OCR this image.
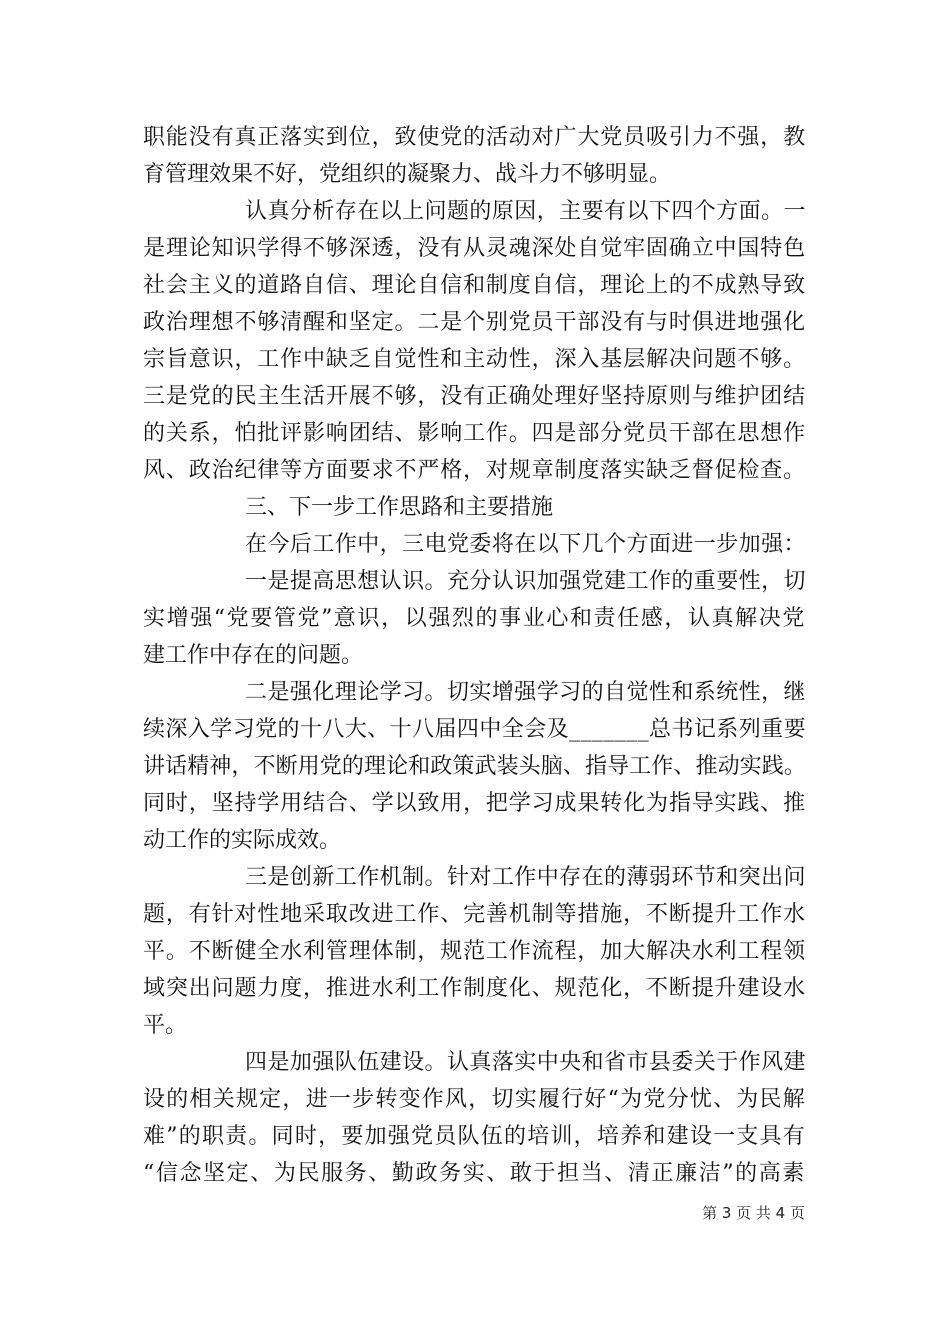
职能没有真正落实到位，致使党的活动对广大党员吸引力不强，教
育管理效果不好，党组织的凝聚力、战斗力不够明显。
认真分析存在以上问题的原因，主要有以下四个方面。一
是理论知识学得不够深透，没有从灵魂深处自觉牢固确立中国特色
社会主义的道路自信、理论自信和制度自信，理论上的不成熟导致
政治理想不够清醒和坚定。二是个别党员干部没有与时俱进地强化
宗旨意识，工作中缺乏自觉性和主动性，深入基层解决问题不够。
三是党的民主生活开展不够，没有正确处理好坚持原则与维护团结
的关系，怕批评影响团结、影响工作。四是部分党员干部在思想作
风、政治纪律等方面要求不严格，对规章制度落实缺乏督促检查。
三、下一步工作思路和主要措施
在今后工作中，三电党委将在以下几个方面进一步加强：
一是提高思想认识。充分认识加强党建工作的重要性，切
实增强“党要管党”意识，以强烈的事业心和责任感，认真解决党
建工作中存在的问题。
二是强化理论学习。切实增强学习的自觉性和系统性，继
续深入学习党的十八大、十八届四中全会及_______总书记系列重要
讲话精神，不断用党的理论和政策武装头脑、指导工作、推动实践。
同时，坚持学用结合、学以致用，把学习成果转化为指导实践、推
动工作的实际成效。
三是创新工作机制。针对工作中存在的薄弱环节和突出问
题，有针对性地采取改进工作、完善机制等措施，不断提升工作水
平。不断健全水利管理体制，规范工作流程，加大解决水利工程领
域突出问题力度，推进水利工作制度化、规范化，不断提升建设水
平。
四是加强队伍建设。认真落实中央和省市县委关于作风建
设的相关规定，进一步转变作风，切实履行好“为党分忧、为民解
难”的职责。同时，要加强党员队伍的培训，培养和建设一支具有
“信念坚定、为民服务、勤政务实、敢于担当、清正廉洁”的高素
第 3 页 共 4 页
